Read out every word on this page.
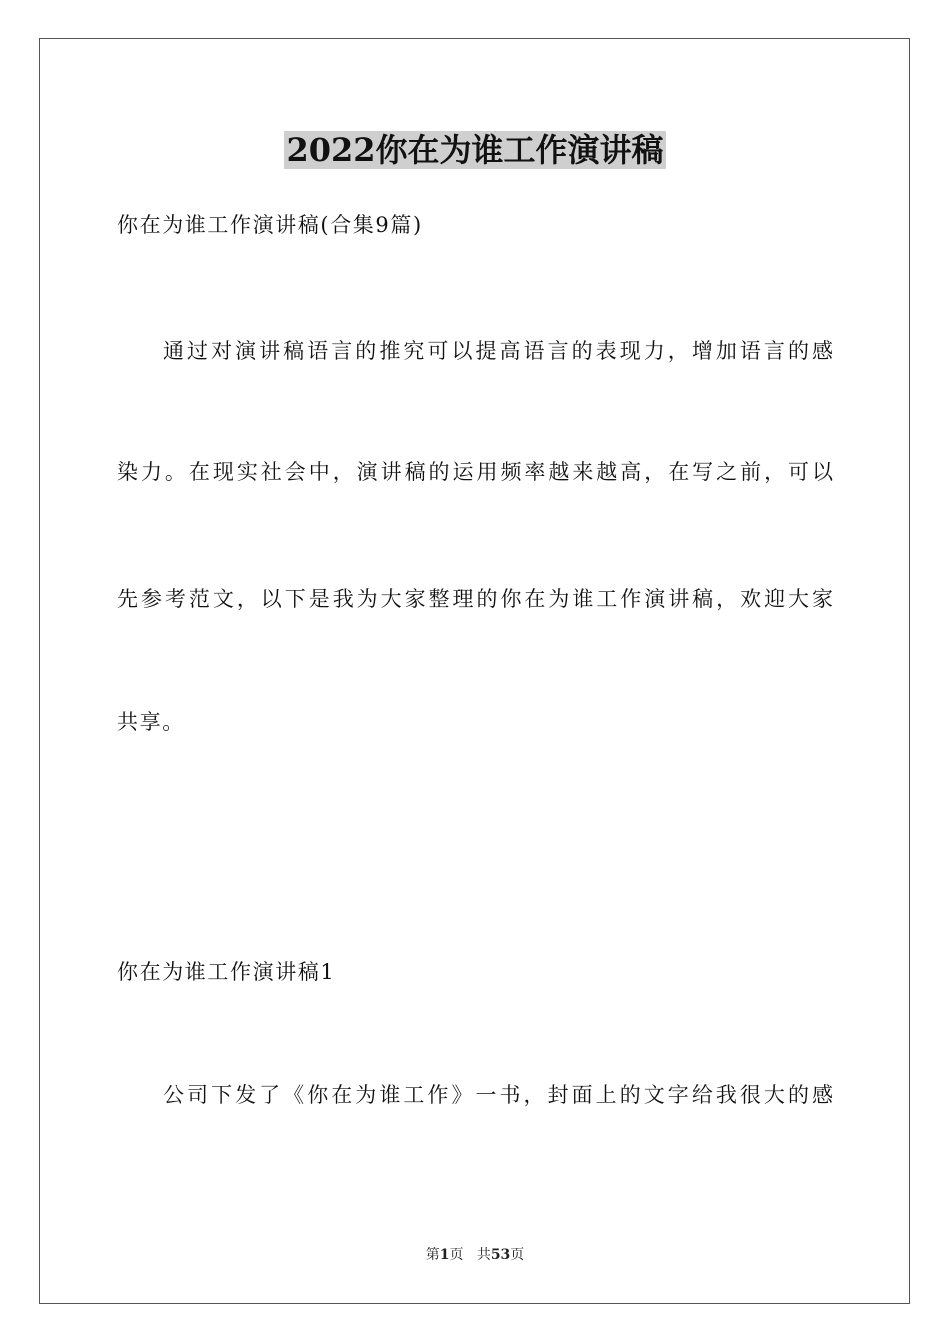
2022你在为谁工作演讲稿
你在为谁工作演讲稿(合集9篇)
通过对演讲稿语言的推究可以提高语言的表现力，增加语言的感
染力。在现实社会中，演讲稿的运用频率越来越高，在写之前，可以
先参考范文，以下是我为大家整理的你在为谁工作演讲稿，欢迎大家
共享。
你在为谁工作演讲稿1
公司下发了《你在为谁工作》一书，封面上的文字给我很大的感
第1页 共53页
